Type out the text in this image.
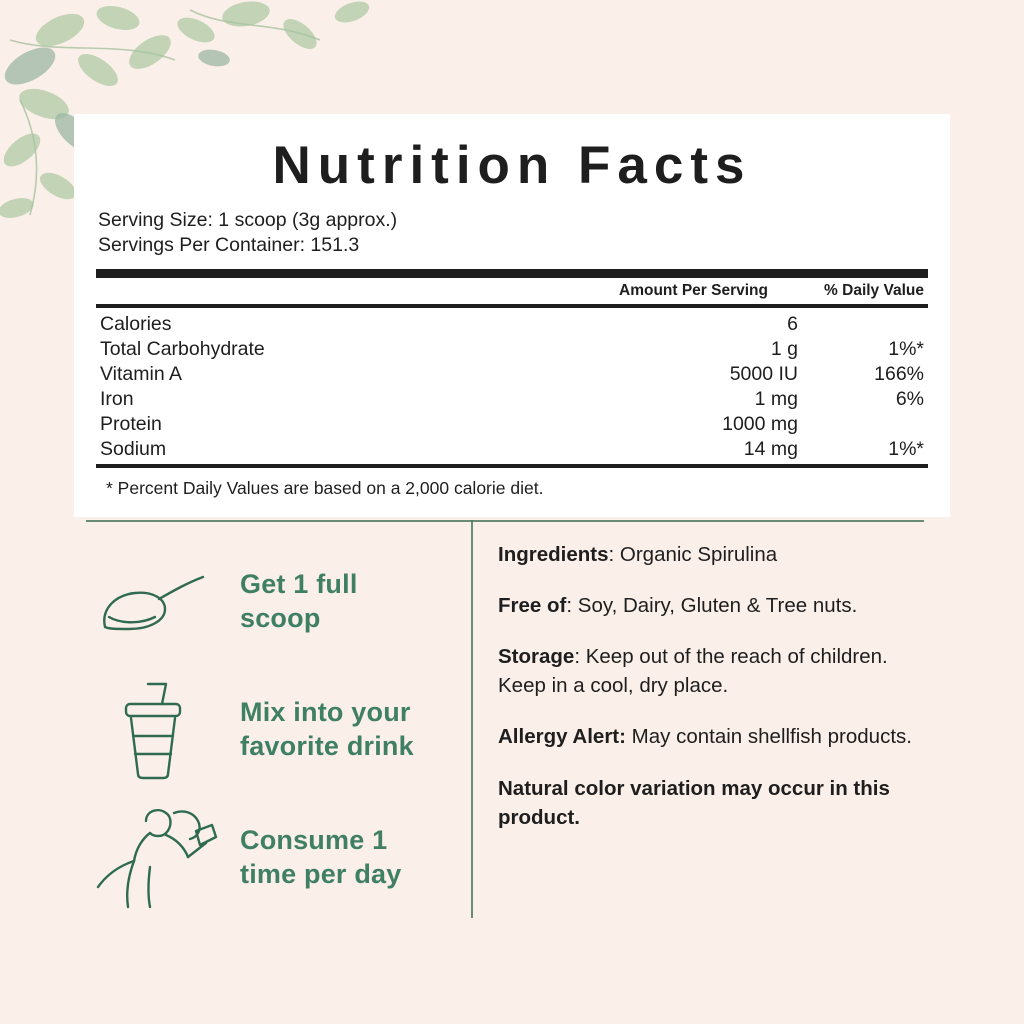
Nutrition Facts
Serving Size: 1 scoop (3g approx.)
Servings Per Container: 151.3
Amount Per Serving	% Daily Value
Calories	6
Total Carbohydrate	1 g	1%*
Vitamin A	5000 IU	166%
Iron	1 mg	6%
Protein	1000 mg
Sodium	14 mg	1%*
* Percent Daily Values are based on a 2,000 calorie diet.
Get 1 full
scoop
Mix into your
favorite drink
Consume 1
time per day

Ingredients: Organic Spirulina

Free of: Soy, Dairy, Gluten & Tree nuts.

Storage: Keep out of the reach of children. Keep in a cool, dry place.

Allergy Alert: May contain shellfish products.

Natural color variation may occur in this product.
